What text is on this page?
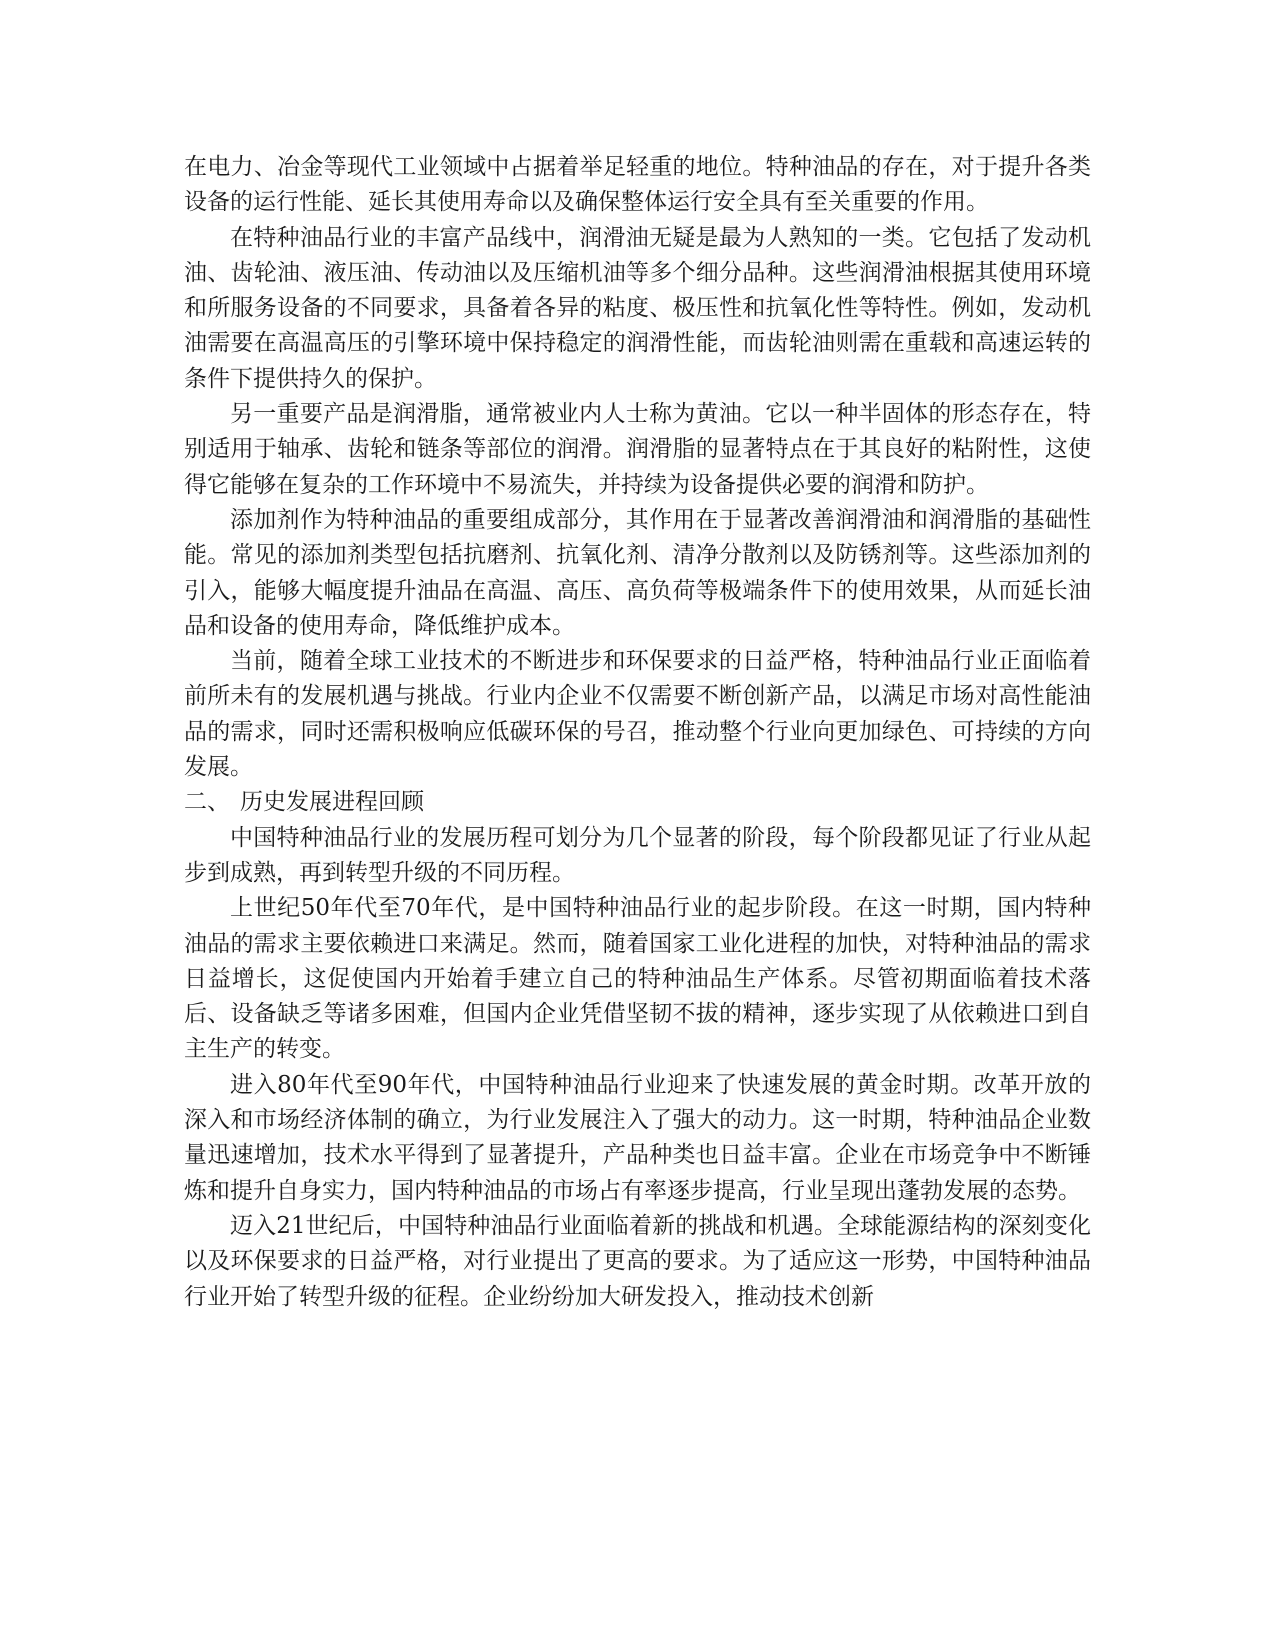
在电力、冶金等现代工业领域中占据着举足轻重的地位。特种油品的存在，对于提升各类设备的运行性能、延长其使用寿命以及确保整体运行安全具有至关重要的作用。

在特种油品行业的丰富产品线中，润滑油无疑是最为人熟知的一类。它包括了发动机油、齿轮油、液压油、传动油以及压缩机油等多个细分品种。这些润滑油根据其使用环境和所服务设备的不同要求，具备着各异的粘度、极压性和抗氧化性等特性。例如，发动机油需要在高温高压的引擎环境中保持稳定的润滑性能，而齿轮油则需在重载和高速运转的条件下提供持久的保护。

另一重要产品是润滑脂，通常被业内人士称为黄油。它以一种半固体的形态存在，特别适用于轴承、齿轮和链条等部位的润滑。润滑脂的显著特点在于其良好的粘附性，这使得它能够在复杂的工作环境中不易流失，并持续为设备提供必要的润滑和防护。

添加剂作为特种油品的重要组成部分，其作用在于显著改善润滑油和润滑脂的基础性能。常见的添加剂类型包括抗磨剂、抗氧化剂、清净分散剂以及防锈剂等。这些添加剂的引入，能够大幅度提升油品在高温、高压、高负荷等极端条件下的使用效果，从而延长油品和设备的使用寿命，降低维护成本。

当前，随着全球工业技术的不断进步和环保要求的日益严格，特种油品行业正面临着前所未有的发展机遇与挑战。行业内企业不仅需要不断创新产品，以满足市场对高性能油品的需求，同时还需积极响应低碳环保的号召，推动整个行业向更加绿色、可持续的方向发展。

二、 历史发展进程回顾

中国特种油品行业的发展历程可划分为几个显著的阶段，每个阶段都见证了行业从起步到成熟，再到转型升级的不同历程。

上世纪50年代至70年代，是中国特种油品行业的起步阶段。在这一时期，国内特种油品的需求主要依赖进口来满足。然而，随着国家工业化进程的加快，对特种油品的需求日益增长，这促使国内开始着手建立自己的特种油品生产体系。尽管初期面临着技术落后、设备缺乏等诸多困难，但国内企业凭借坚韧不拔的精神，逐步实现了从依赖进口到自主生产的转变。

进入80年代至90年代，中国特种油品行业迎来了快速发展的黄金时期。改革开放的深入和市场经济体制的确立，为行业发展注入了强大的动力。这一时期，特种油品企业数量迅速增加，技术水平得到了显著提升，产品种类也日益丰富。企业在市场竞争中不断锤炼和提升自身实力，国内特种油品的市场占有率逐步提高，行业呈现出蓬勃发展的态势。

迈入21世纪后，中国特种油品行业面临着新的挑战和机遇。全球能源结构的深刻变化以及环保要求的日益严格，对行业提出了更高的要求。为了适应这一形势，中国特种油品行业开始了转型升级的征程。企业纷纷加大研发投入，推动技术创新
